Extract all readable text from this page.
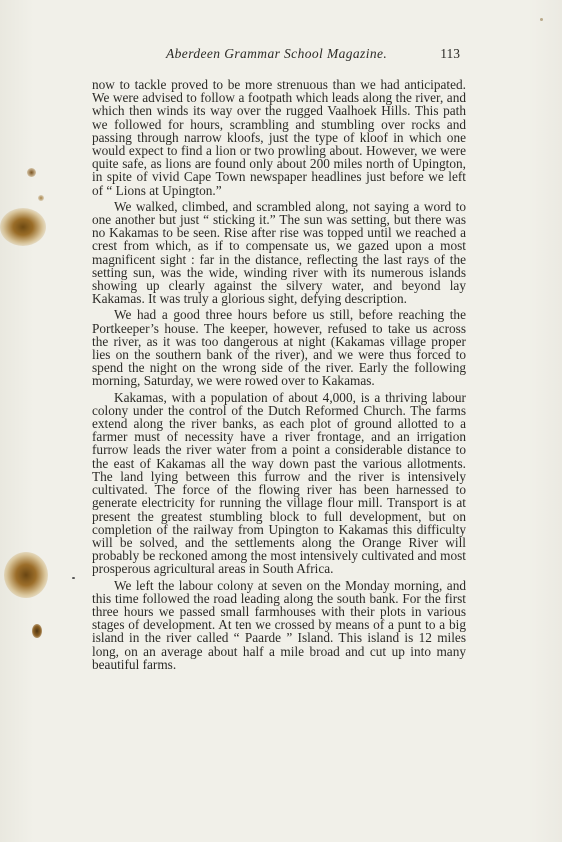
Aberdeen Grammar School Magazine.	113

now to tackle proved to be more strenuous than we had anticipated. We were advised to follow a footpath which leads along the river, and which then winds its way over the rugged Vaalhoek Hills. This path we followed for hours, scrambling and stumbling over rocks and passing through narrow kloofs, just the type of kloof in which one would expect to find a lion or two prowling about. However, we were quite safe, as lions are found only about 200 miles north of Upington, in spite of vivid Cape Town newspaper headlines just before we left of “ Lions at Upington.”

We walked, climbed, and scrambled along, not saying a word to one another but just “ sticking it.” The sun was setting, but there was no Kakamas to be seen. Rise after rise was topped until we reached a crest from which, as if to compensate us, we gazed upon a most magnificent sight : far in the distance, reflecting the last rays of the setting sun, was the wide, winding river with its numerous islands showing up clearly against the silvery water, and beyond lay Kakamas. It was truly a glorious sight, defying description.

We had a good three hours before us still, before reaching the Portkeeper’s house. The keeper, however, refused to take us across the river, as it was too dangerous at night (Kakamas village proper lies on the southern bank of the river), and we were thus forced to spend the night on the wrong side of the river. Early the following morning, Saturday, we were rowed over to Kakamas.

Kakamas, with a population of about 4,000, is a thriving labour colony under the control of the Dutch Reformed Church. The farms extend along the river banks, as each plot of ground allotted to a farmer must of necessity have a river frontage, and an irrigation furrow leads the river water from a point a considerable distance to the east of Kakamas all the way down past the various allotments. The land lying between this furrow and the river is intensively cultivated. The force of the flowing river has been harnessed to generate electricity for running the village flour mill. Transport is at present the greatest stumbling block to full development, but on completion of the railway from Upington to Kakamas this difficulty will be solved, and the settlements along the Orange River will probably be reckoned among the most intensively cultivated and most prosperous agricultural areas in South Africa.

We left the labour colony at seven on the Monday morning, and this time followed the road leading along the south bank. For the first three hours we passed small farmhouses with their plots in various stages of development. At ten we crossed by means of a punt to a big island in the river called “ Paarde ” Island. This island is 12 miles long, on an average about half a mile broad and cut up into many beautiful farms.
